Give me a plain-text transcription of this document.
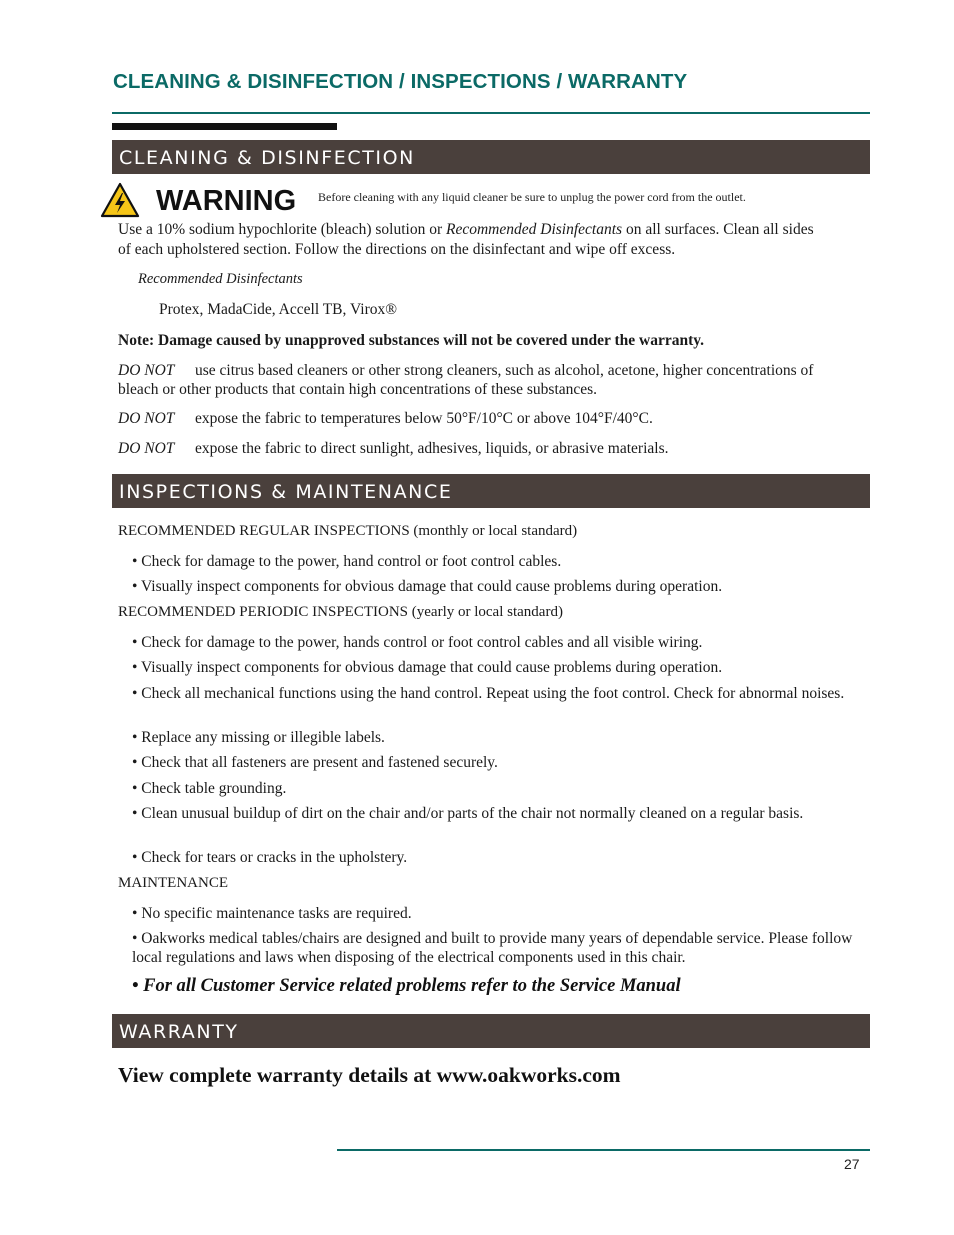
CLEANING & DISINFECTION / INSPECTIONS / WARRANTY
CLEANING & DISINFECTION
WARNING Before cleaning with any liquid cleaner be sure to unplug the power cord from the outlet.
Use a 10% sodium hypochlorite (bleach) solution or Recommended Disinfectants on all surfaces. Clean all sides
of each upholstered section. Follow the directions on the disinfectant and wipe off excess.
Recommended Disinfectants
Protex, MadaCide, Accell TB, Virox®
Note: Damage caused by unapproved substances will not be covered under the warranty.
DO NOT use citrus based cleaners or other strong cleaners, such as alcohol, acetone, higher concentrations of
bleach or other products that contain high concentrations of these substances.
DO NOT expose the fabric to temperatures below 50°F/10°C or above 104°F/40°C.
DO NOT expose the fabric to direct sunlight, adhesives, liquids, or abrasive materials.
INSPECTIONS & MAINTENANCE
RECOMMENDED REGULAR INSPECTIONS (monthly or local standard)
• Check for damage to the power, hand control or foot control cables.
• Visually inspect components for obvious damage that could cause problems during operation.
RECOMMENDED PERIODIC INSPECTIONS (yearly or local standard)
• Check for damage to the power, hands control or foot control cables and all visible wiring.
• Visually inspect components for obvious damage that could cause problems during operation.
• Check all mechanical functions using the hand control. Repeat using the foot control. Check for abnormal noises.
• Replace any missing or illegible labels.
• Check that all fasteners are present and fastened securely.
• Check table grounding.
• Clean unusual buildup of dirt on the chair and/or parts of the chair not normally cleaned on a regular basis.
• Check for tears or cracks in the upholstery.
MAINTENANCE
• No specific maintenance tasks are required.
• Oakworks medical tables/chairs are designed and built to provide many years of dependable service. Please follow local regulations and laws when disposing of the electrical components used in this chair.
• For all Customer Service related problems refer to the Service Manual
WARRANTY
View complete warranty details at www.oakworks.com
27
